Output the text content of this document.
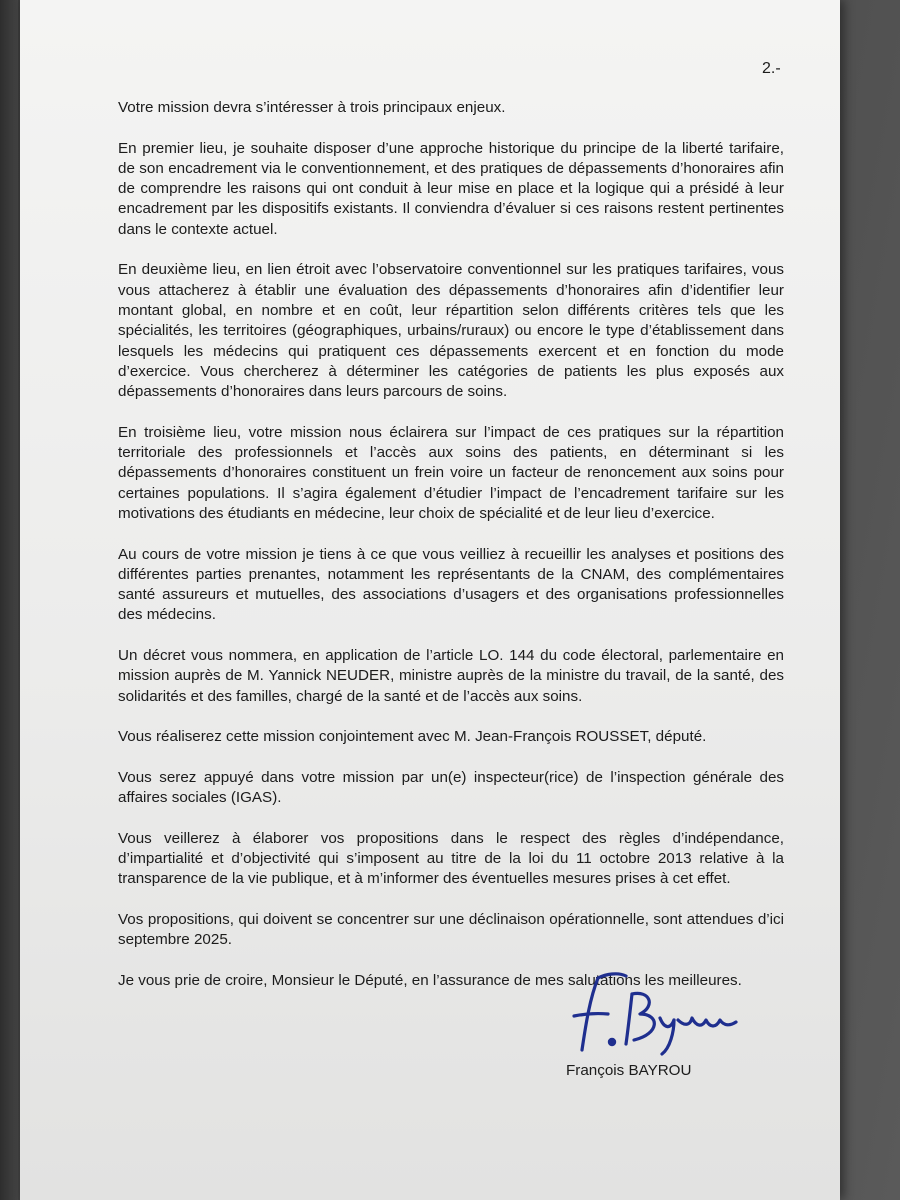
2.-

Votre mission devra s’intéresser à trois principaux enjeux.

En premier lieu, je souhaite disposer d’une approche historique du principe de la liberté tarifaire, de son encadrement via le conventionnement, et des pratiques de dépassements d’honoraires afin de comprendre les raisons qui ont conduit à leur mise en place et la logique qui a présidé à leur encadrement par les dispositifs existants. Il conviendra d’évaluer si ces raisons restent pertinentes dans le contexte actuel.

En deuxième lieu, en lien étroit avec l’observatoire conventionnel sur les pratiques tarifaires, vous vous attacherez à établir une évaluation des dépassements d’honoraires afin d’identifier leur montant global, en nombre et en coût, leur répartition selon différents critères tels que les spécialités, les territoires (géographiques, urbains/ruraux) ou encore le type d’établissement dans lesquels les médecins qui pratiquent ces dépassements exercent et en fonction du mode d’exercice. Vous chercherez à déterminer les catégories de patients les plus exposés aux dépassements d’honoraires dans leurs parcours de soins.

En troisième lieu, votre mission nous éclairera sur l’impact de ces pratiques sur la répartition territoriale des professionnels et l’accès aux soins des patients, en déterminant si les dépassements d’honoraires constituent un frein voire un facteur de renoncement aux soins pour certaines populations. Il s’agira également d’étudier l’impact de l’encadrement tarifaire sur les motivations des étudiants en médecine, leur choix de spécialité et de leur lieu d’exercice.

Au cours de votre mission je tiens à ce que vous veilliez à recueillir les analyses et positions des différentes parties prenantes, notamment les représentants de la CNAM, des complémentaires santé assureurs et mutuelles, des associations d’usagers et des organisations professionnelles des médecins.

Un décret vous nommera, en application de l’article LO. 144 du code électoral, parlementaire en mission auprès de M. Yannick NEUDER, ministre auprès de la ministre du travail, de la santé, des solidarités et des familles, chargé de la santé et de l’accès aux soins.

Vous réaliserez cette mission conjointement avec M. Jean-François ROUSSET, député.

Vous serez appuyé dans votre mission par un(e) inspecteur(rice) de l’inspection générale des affaires sociales (IGAS).

Vous veillerez à élaborer vos propositions dans le respect des règles d’indépendance, d’impartialité et d’objectivité qui s’imposent au titre de la loi du 11 octobre 2013 relative à la transparence de la vie publique, et à m’informer des éventuelles mesures prises à cet effet.

Vos propositions, qui doivent se concentrer sur une déclinaison opérationnelle, sont attendues d’ici septembre 2025.

Je vous prie de croire, Monsieur le Député, en l’assurance de mes salutations les meilleures.

François BAYROU
